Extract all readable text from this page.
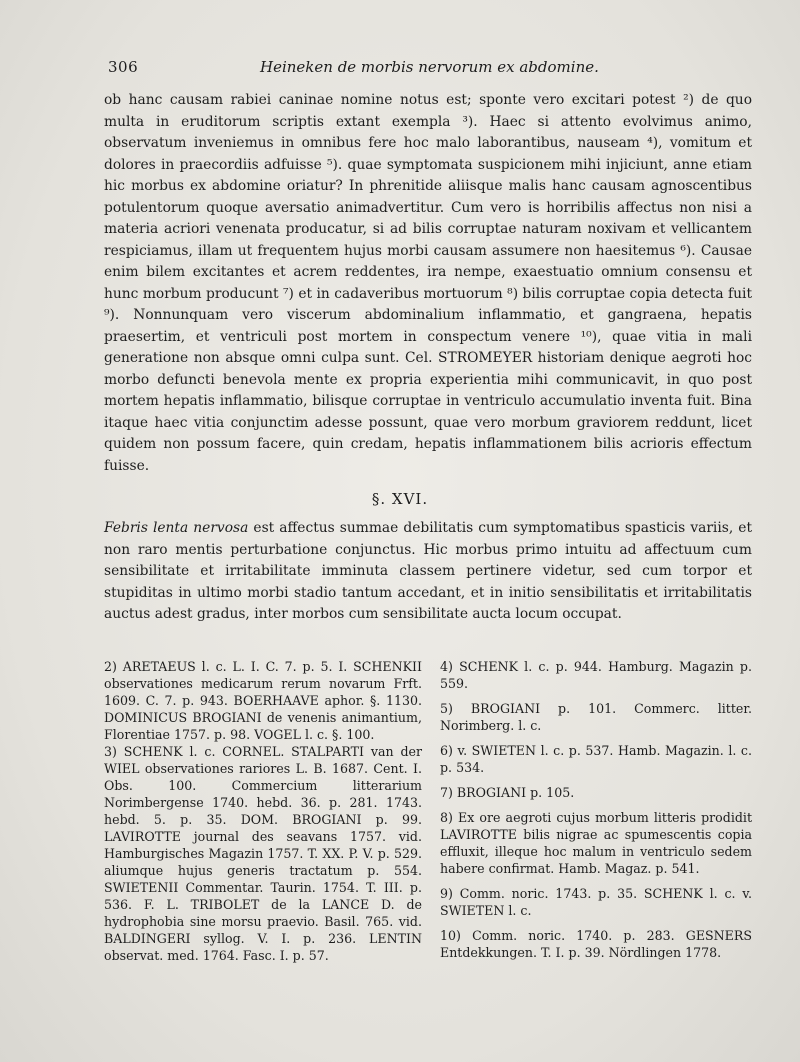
306	Heineken de morbis nervorum ex abdomine.

ob hanc causam rabiei caninae nomine notus est; sponte vero excitari potest ²) de quo multa in eruditorum scriptis extant exempla ³). Haec si attento evolvimus animo, observatum inveniemus in omnibus fere hoc malo laborantibus, nauseam ⁴), vomitum et dolores in praecordiis adfuisse ⁵). quae symptomata suspicionem mihi injiciunt, anne etiam hic morbus ex abdomine oriatur? In phrenitide aliisque malis hanc causam agnoscentibus potulentorum quoque aversatio animadvertitur. Cum vero is horribilis affectus non nisi a materia acriori venenata producatur, si ad bilis corruptae naturam noxivam et vellicantem respiciamus, illam ut frequentem hujus morbi causam assumere non haesitemus ⁶). Causae enim bilem excitantes et acrem reddentes, ira nempe, exaestuatio omnium consensu et hunc morbum producunt ⁷) et in cadaveribus mortuorum ⁸) bilis corruptae copia detecta fuit ⁹). Nonnunquam vero viscerum abdominalium inflammatio, et gangraena, hepatis praesertim, et ventriculi post mortem in conspectum venere ¹⁰), quae vitia in mali generatione non absque omni culpa sunt. Cel. STROMEYER historiam denique aegroti hoc morbo defuncti benevola mente ex propria experientia mihi communicavit, in quo post mortem hepatis inflammatio, bilisque corruptae in ventriculo accumulatio inventa fuit. Bina itaque haec vitia conjunctim adesse possunt, quae vero morbum graviorem reddunt, licet quidem non possum facere, quin credam, hepatis inflammationem bilis acrioris effectum fuisse.

§. XVI.
Febris lenta nervosa est affectus summae debilitatis cum symptomatibus spasticis variis, et non raro mentis perturbatione conjunctus. Hic morbus primo intuitu ad affectuum cum sensibilitate et irritabilitate imminuta classem pertinere videtur, sed cum torpor et stupiditas in ultimo morbi stadio tantum accedant, et in initio sensibilitatis et irritabilitatis auctus adest gradus, inter morbos cum sensibilitate aucta locum occupat.

2) ARETAEUS l. c. L. I. C. 7. p. 5. I. SCHENKII observationes medicarum rerum novarum Frft. 1609. C. 7. p. 943. BOERHAAVE aphor. §. 1130. DOMINICUS BROGIANI de venenis animantium, Florentiae 1757. p. 98. VOGEL l. c. §. 100.

3) SCHENK l. c. CORNEL. STALPARTI van der WIEL observationes rariores L. B. 1687. Cent. I. Obs. 100. Commercium litterarium Norimbergense 1740. hebd. 36. p. 281. 1743. hebd. 5. p. 35. DOM. BROGIANI p. 99. LAVIROTTE journal des seavans 1757. vid. Hamburgisches Magazin 1757. T. XX. P. V. p. 529. aliumque hujus generis tractatum p. 554. SWIETENII Commentar. Taurin. 1754. T. III. p. 536. F. L. TRIBOLET de la LANCE D. de hydrophobia sine morsu praevio. Basil. 765. vid. BALDINGERI syllog. V. I. p. 236. LENTIN observat. med. 1764. Fasc. I. p. 57.

4) SCHENK l. c. p. 944. Hamburg. Magazin p. 559.

5) BROGIANI p. 101. Commerc. litter. Norimberg. l. c.

6) v. SWIETEN l. c. p. 537. Hamb. Magazin. l. c. p. 534.

7) BROGIANI p. 105.

8) Ex ore aegroti cujus morbum litteris prodidit LAVIROTTE bilis nigrae ac spumescentis copia effluxit, illeque hoc malum in ventriculo sedem habere confirmat. Hamb. Magaz. p. 541.

9) Comm. noric. 1743. p. 35. SCHENK l. c. v. SWIETEN l. c.

10) Comm. noric. 1740. p. 283. GESNERS Entdekkungen. T. I. p. 39. Nördlingen 1778.
